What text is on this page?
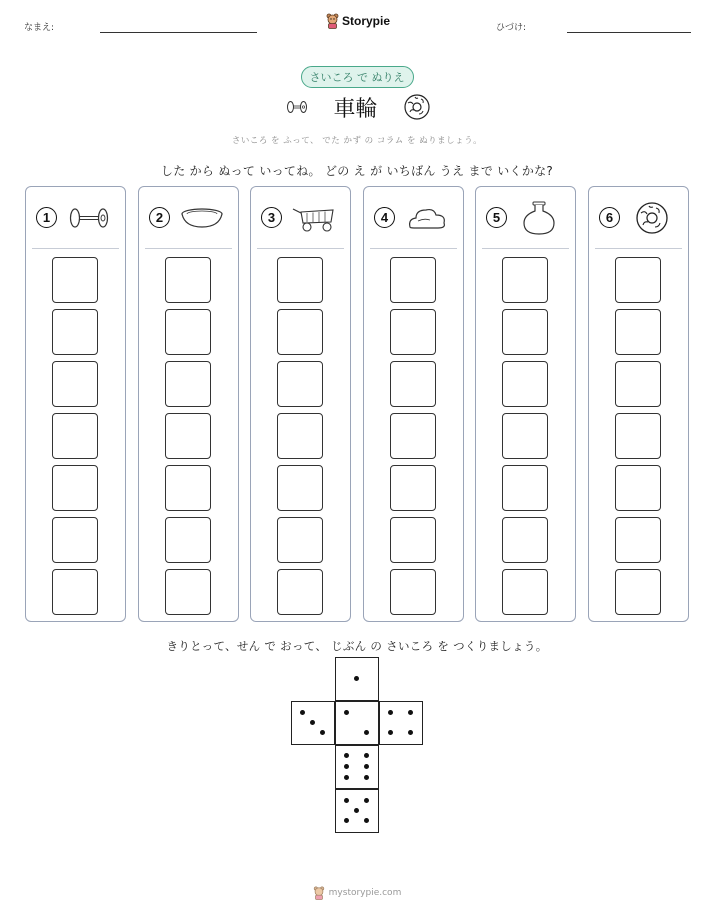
なまえ:	Storypie	ひづけ:
さいころ で ぬりえ
車輪
さいころ を ふって、 でた かず の コラム を ぬりましょう。
した から ぬって いってね。 どの え が いちばん うえ まで いくかな?
1	2	3	4	5	6
きりとって、せん で おって、 じぶん の さいころ を つくりましょう。
mystorypie.com
